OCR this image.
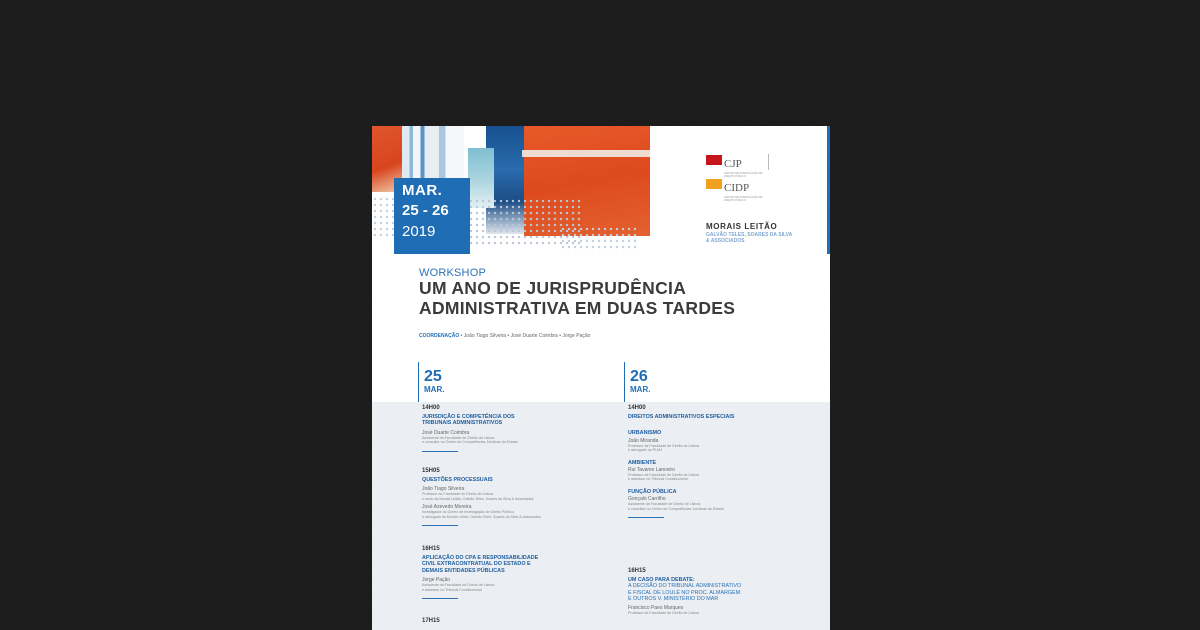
MAR.
25 - 26
2019
CJP
CENTRO DE INVESTIGAÇÃO DE DIREITO PÚBLICO
CIDP
CENTRO DE INVESTIGAÇÃO DE DIREITO PÚBLICO
MORAIS LEITÃO
GALVÃO TELES, SOARES DA SILVA
& ASSOCIADOS
WORKSHOP
UM ANO DE JURISPRUDÊNCIA
ADMINISTRATIVA EM DUAS TARDES
COORDENAÇÃO • João Tiago Silveira • José Duarte Coimbra • Jorge Pação
25
MAR.
14H00
JURISDIÇÃO E COMPETÊNCIA DOS
TRIBUNAIS ADMINISTRATIVOS
José Duarte Coimbra
Assistente da Faculdade de Direito de Lisboa
e consultor no Centro de Competências Jurídicas do Estado
15H05
QUESTÕES PROCESSUAIS
João Tiago Silveira
Professor da Faculdade de Direito de Lisboa
e sócio da Morais Leitão, Galvão Teles, Soares da Silva & Associados
José Azevedo Moreira
Investigador do Centro de Investigação de Direito Público
e advogado da Morais Leitão, Galvão Teles, Soares da Silva & Associados
16H15
APLICAÇÃO DO CPA E RESPONSABILIDADE
CIVIL EXTRACONTRATUAL DO ESTADO E
DEMAIS ENTIDADES PÚBLICAS
Jorge Pação
Assistente da Faculdade de Direito de Lisboa
e assessor no Tribunal Constitucional
17H15
26
MAR.
14H00
DIREITOS ADMINISTRATIVOS ESPECIAIS
URBANISMO
João Miranda
Professor da Faculdade de Direito de Lisboa
e advogado na PLMJ
AMBIENTE
Rui Tavares Lanceiro
Professor da Faculdade de Direito de Lisboa
e assessor no Tribunal Constitucional
FUNÇÃO PÚBLICA
Gonçalo Carrilho
Assistente da Faculdade de Direito de Lisboa
e consultor no Centro de Competências Jurídicas do Estado
16H15
UM CASO PARA DEBATE:
A DECISÃO DO TRIBUNAL ADMINISTRATIVO
E FISCAL DE LOULÉ NO PROC. ALMARGEM
E OUTROS V. MINISTÉRIO DO MAR
Francisco Paes Marques
Professor da Faculdade de Direito de Lisboa
